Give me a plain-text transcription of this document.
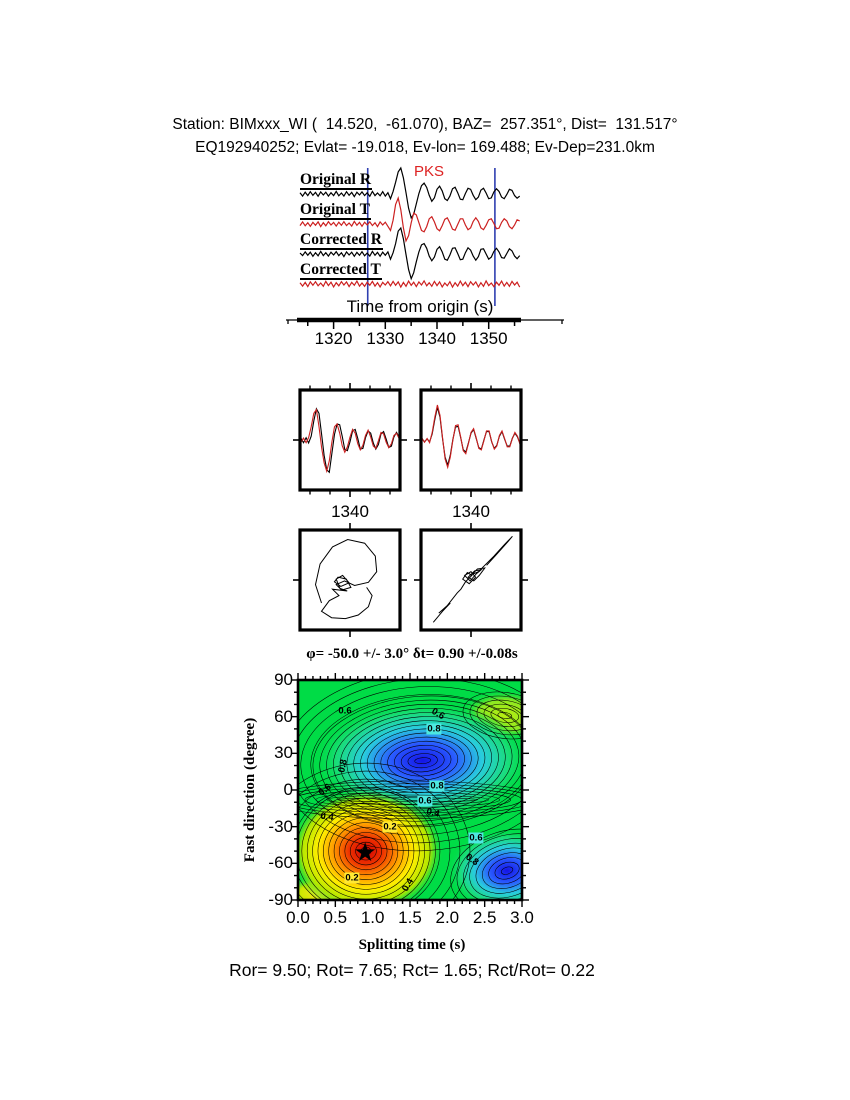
Station: BIMxxx_WI (  14.520,  -61.070), BAZ=  257.351°, Dist=  131.517°
EQ192940252; Evlat= -19.018, Ev-lon= 169.488; Ev-Dep=231.0km
Original R
Original T
Corrected R
Corrected T
PKS
Time from origin (s)
1320 1330 1340 1350
1340	1340
φ= -50.0 +/- 3.0° δt= 0.90 +/-0.08s
Fast direction (degree)	★
0.6
0.8
0.6
0.6
0.8
0.8
0.6
0.4
0.2
0.4
0.6
0.8
0.2	0.4
0.0 0.5 1.0 1.5 2.0 2.5 3.0
90
60
30
0
-30
-60
-90
Splitting time (s)
Ror= 9.50; Rot= 7.65; Rct= 1.65; Rct/Rot= 0.22
